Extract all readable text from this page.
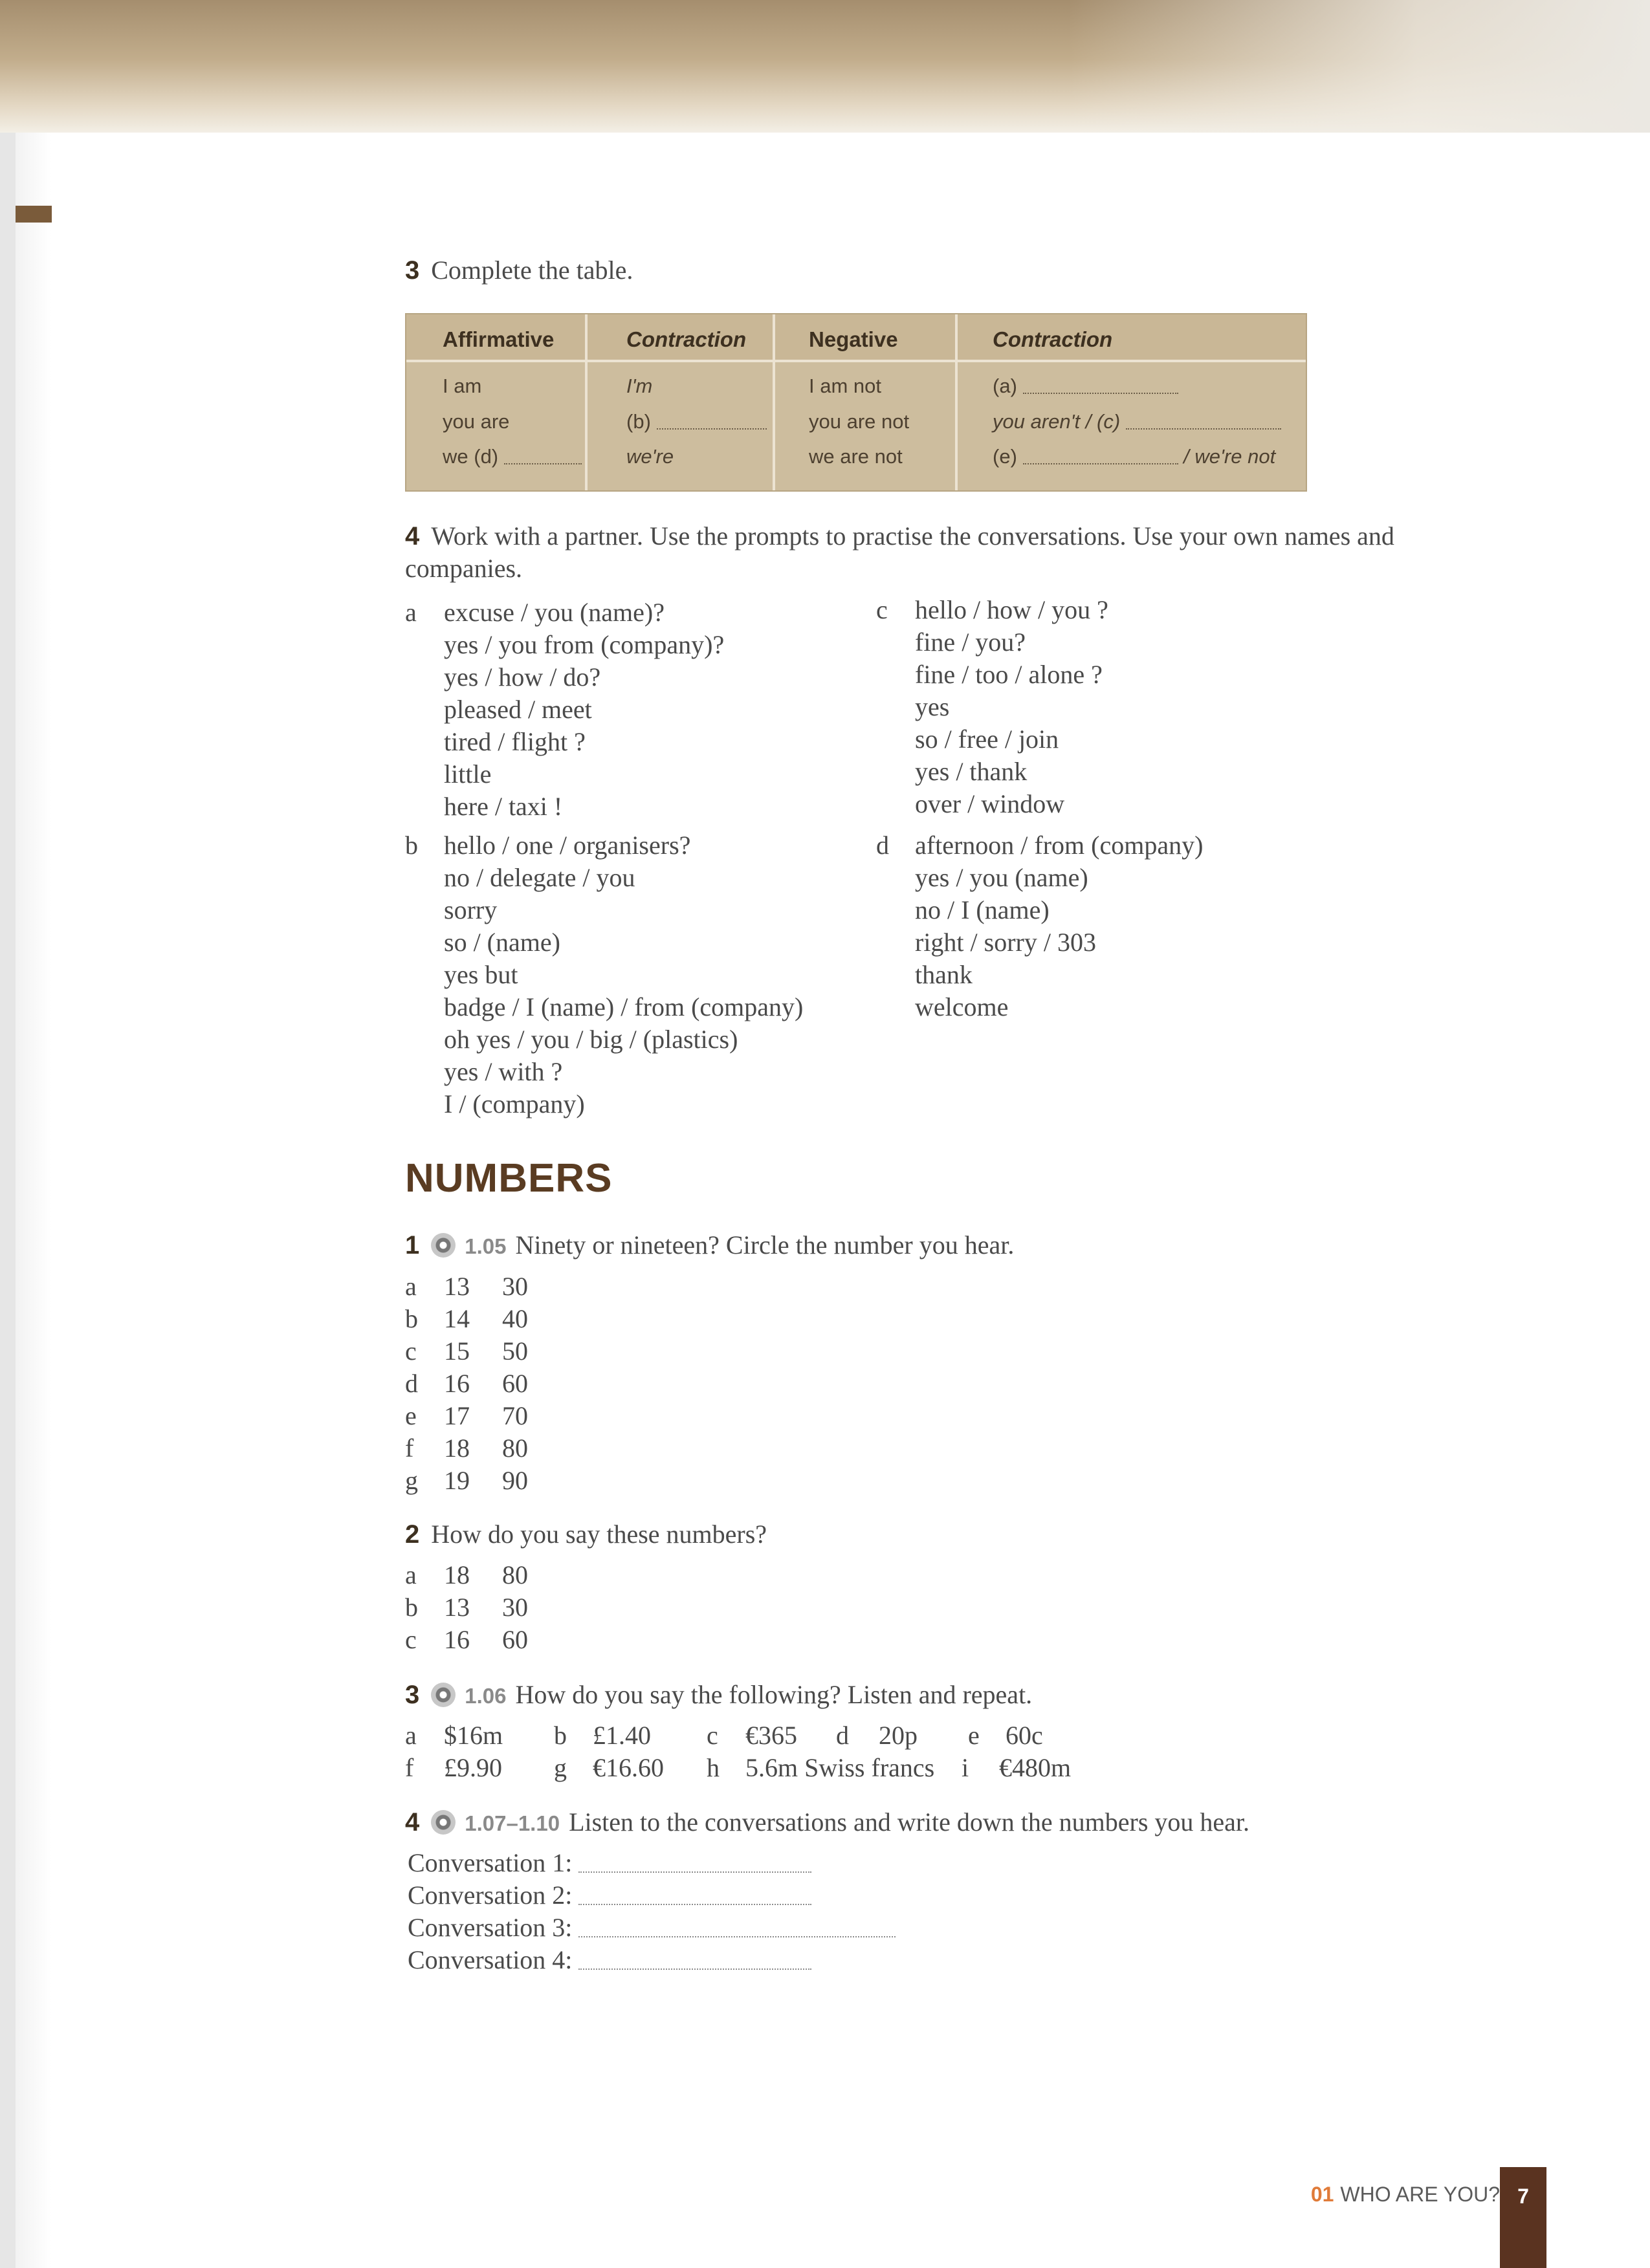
3 Complete the table.
Affirmative	Contraction	Negative	Contraction
I am	I'm	I am not	(a)
you are	(b)	you are not	you aren't / (c)
we (d)	we're	we are not	(e)	/ we're not
4 Work with a partner. Use the prompts to practise the conversations. Use your own names and
companies.
a excuse / you (name)?
yes / you from (company)?
yes / how / do?
pleased / meet
tired / flight ?
little
here / taxi !
b hello / one / organisers?
no / delegate / you
sorry
so / (name)
yes but
badge / I (name) / from (company)
oh yes / you / big / (plastics)
yes / with ?
I / (company)
c hello / how / you ?
fine / you?
fine / too / alone ?
yes
so / free / join
yes / thank
over / window
d afternoon / from (company)
yes / you (name)
no / I (name)
right / sorry / 303
thank
welcome
NUMBERS
1 1.05 Ninety or nineteen? Circle the number you hear.
a 13 30
b 14 40
c 15 50
d 16 60
e 17 70
f 18 80
g 19 90
2 How do you say these numbers?
a 18 80
b 13 30
c 16 60
3 1.06 How do you say the following? Listen and repeat.
a $16m b £1.40 c €365 d 20p e 60c
f £9.90 g €16.60 h 5.6m Swiss francs i €480m
4 1.07–1.10 Listen to the conversations and write down the numbers you hear.
Conversation 1:
Conversation 2:
Conversation 3:
Conversation 4:
01 WHO ARE YOU? 7
